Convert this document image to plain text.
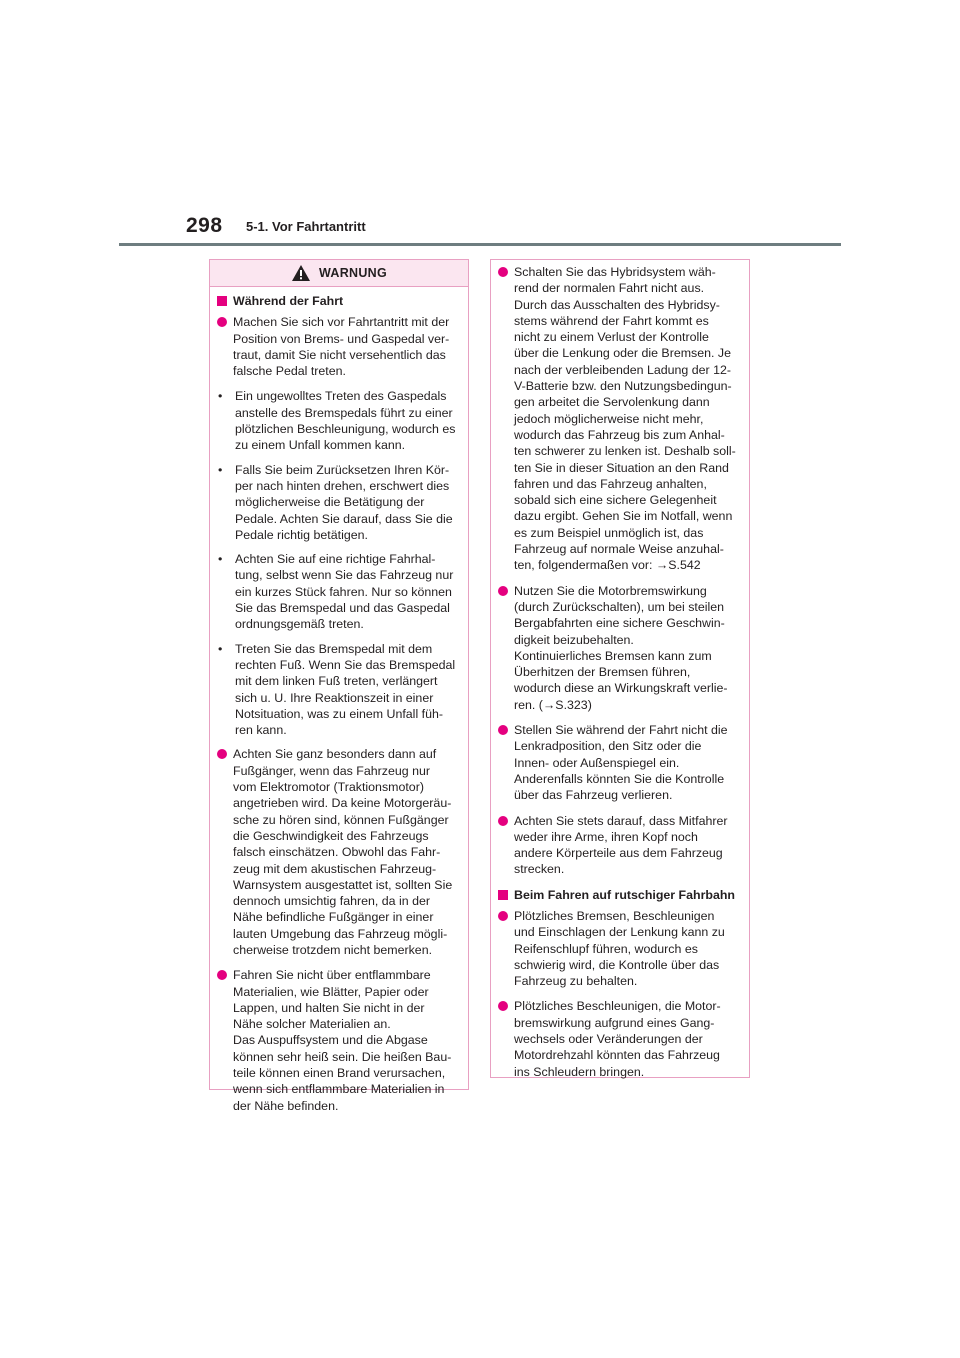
298 5-1. Vor Fahrtantritt
WARNUNG
Während der Fahrt
Machen Sie sich vor Fahrtantritt mit der
Position von Brems- und Gaspedal ver-
traut, damit Sie nicht versehentlich das
falsche Pedal treten.
•	Ein ungewolltes Treten des Gaspedals
anstelle des Bremspedals führt zu einer
plötzlichen Beschleunigung, wodurch es
zu einem Unfall kommen kann.
•	Falls Sie beim Zurücksetzen Ihren Kör-
per nach hinten drehen, erschwert dies
möglicherweise die Betätigung der
Pedale. Achten Sie darauf, dass Sie die
Pedale richtig betätigen.
•	Achten Sie auf eine richtige Fahrhal-
tung, selbst wenn Sie das Fahrzeug nur
ein kurzes Stück fahren. Nur so können
Sie das Bremspedal und das Gaspedal
ordnungsgemäß treten.
•	Treten Sie das Bremspedal mit dem
rechten Fuß. Wenn Sie das Bremspedal
mit dem linken Fuß treten, verlängert
sich u. U. Ihre Reaktionszeit in einer
Notsituation, was zu einem Unfall füh-
ren kann.
Achten Sie ganz besonders dann auf
Fußgänger, wenn das Fahrzeug nur
vom Elektromotor (Traktionsmotor)
angetrieben wird. Da keine Motorgeräu-
sche zu hören sind, können Fußgänger
die Geschwindigkeit des Fahrzeugs
falsch einschätzen. Obwohl das Fahr-
zeug mit dem akustischen Fahrzeug-
Warnsystem ausgestattet ist, sollten Sie
dennoch umsichtig fahren, da in der
Nähe befindliche Fußgänger in einer
lauten Umgebung das Fahrzeug mögli-
cherweise trotzdem nicht bemerken.
Fahren Sie nicht über entflammbare
Materialien, wie Blätter, Papier oder
Lappen, und halten Sie nicht in der
Nähe solcher Materialien an.
Das Auspuffsystem und die Abgase
können sehr heiß sein. Die heißen Bau-
teile können einen Brand verursachen,
wenn sich entflammbare Materialien in
der Nähe befinden.
Schalten Sie das Hybridsystem wäh-
rend der normalen Fahrt nicht aus.
Durch das Ausschalten des Hybridsy-
stems während der Fahrt kommt es
nicht zu einem Verlust der Kontrolle
über die Lenkung oder die Bremsen. Je
nach der verbleibenden Ladung der 12-
V-Batterie bzw. den Nutzungsbedingun-
gen arbeitet die Servolenkung dann
jedoch möglicherweise nicht mehr,
wodurch das Fahrzeug bis zum Anhal-
ten schwerer zu lenken ist. Deshalb soll-
ten Sie in dieser Situation an den Rand
fahren und das Fahrzeug anhalten,
sobald sich eine sichere Gelegenheit
dazu ergibt. Gehen Sie im Notfall, wenn
es zum Beispiel unmöglich ist, das
Fahrzeug auf normale Weise anzuhal-
ten, folgendermaßen vor: →S.542
Nutzen Sie die Motorbremswirkung
(durch Zurückschalten), um bei steilen
Bergabfahrten eine sichere Geschwin-
digkeit beizubehalten.
Kontinuierliches Bremsen kann zum
Überhitzen der Bremsen führen,
wodurch diese an Wirkungskraft verlie-
ren. (→S.323)
Stellen Sie während der Fahrt nicht die
Lenkradposition, den Sitz oder die
Innen- oder Außenspiegel ein.
Anderenfalls könnten Sie die Kontrolle
über das Fahrzeug verlieren.
Achten Sie stets darauf, dass Mitfahrer
weder ihre Arme, ihren Kopf noch
andere Körperteile aus dem Fahrzeug
strecken.
Beim Fahren auf rutschiger Fahrbahn
Plötzliches Bremsen, Beschleunigen
und Einschlagen der Lenkung kann zu
Reifenschlupf führen, wodurch es
schwierig wird, die Kontrolle über das
Fahrzeug zu behalten.
Plötzliches Beschleunigen, die Motor-
bremswirkung aufgrund eines Gang-
wechsels oder Veränderungen der
Motordrehzahl könnten das Fahrzeug
ins Schleudern bringen.
